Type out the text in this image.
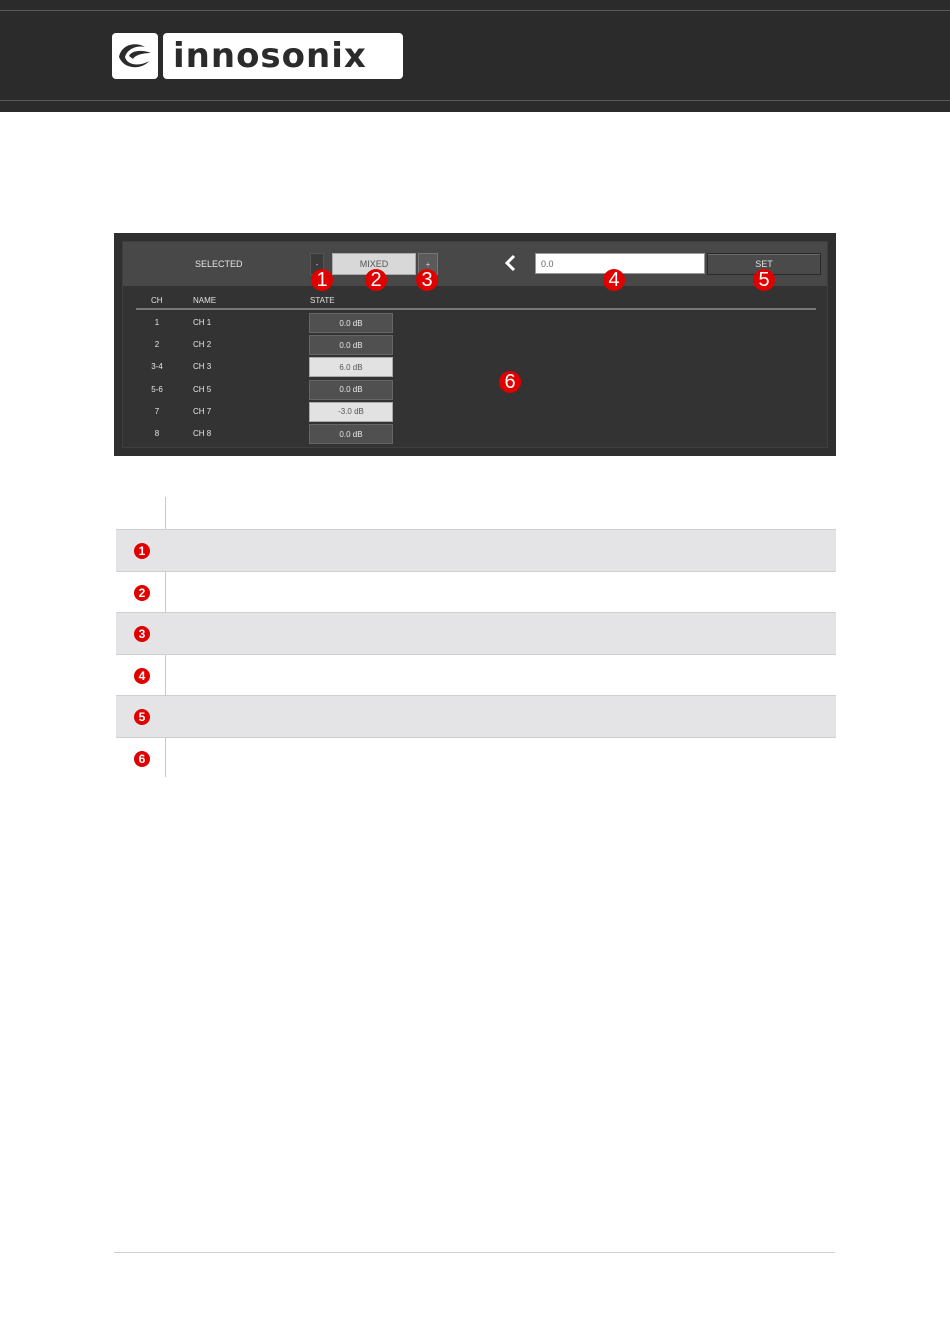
innosonix
SELECTED	-	MIXED	+
0.0	SET
CH	NAME	STATE
1	CH 1	0.0 dB
2	CH 2	0.0 dB
3-4	CH 3	6.0 dB
5-6	CH 5	0.0 dB
7	CH 7	-3.0 dB
8	CH 8	0.0 dB
1 2 3	4	5
6
1
2
3
4
5
6
